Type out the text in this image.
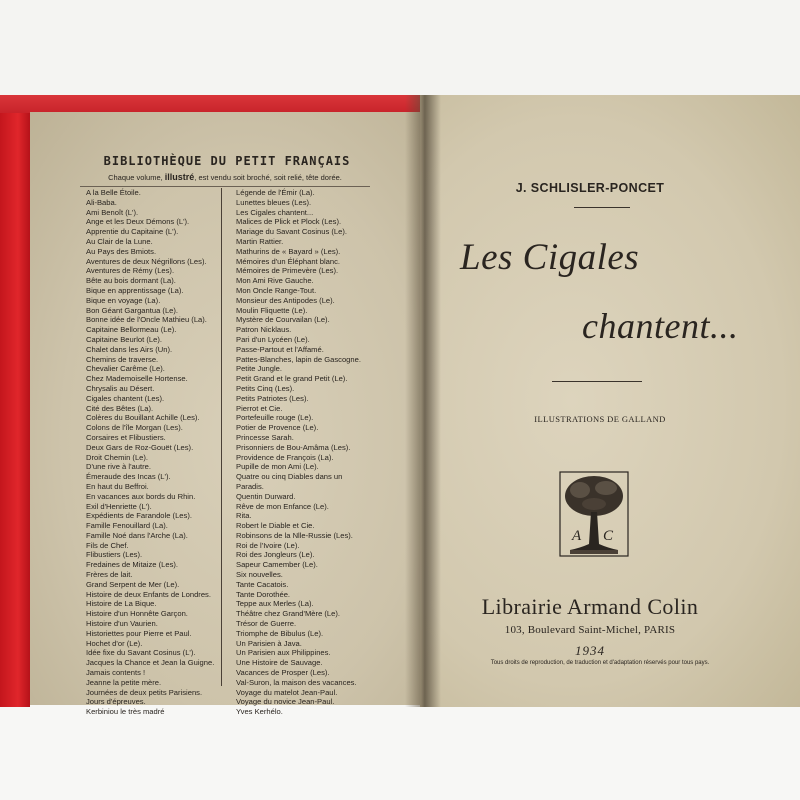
BIBLIOTHÈQUE DU PETIT FRANÇAIS
Chaque volume, illustré, est vendu soit broché, soit relié, tête dorée.
A la Belle Étoile.
Ali-Baba.
Ami Benoît (L').
Ange et les Deux Démons (L').
Apprentie du Capitaine (L').
Au Clair de la Lune.
Au Pays des Bmiots.
Aventures de deux Négrillons (Les).
Aventures de Rémy (Les).
Bête au bois dormant (La).
Bique en apprentissage (La).
Bique en voyage (La).
Bon Géant Gargantua (Le).
Bonne idée de l'Oncle Mathieu (La).
Capitaine Bellormeau (Le).
Capitaine Beurlot (Le).
Chalet dans les Airs (Un).
Chemins de traverse.
Chevalier Carême (Le).
Chez Mademoiselle Hortense.
Chrysalis au Désert.
Cigales chantent (Les).
Cité des Bêtes (La).
Colères du Bouillant Achille (Les).
Colons de l'île Morgan (Les).
Corsaires et Flibustiers.
Deux Gars de Roz-Gouët (Les).
Droit Chemin (Le).
D'une rive à l'autre.
Émeraude des Incas (L').
En haut du Beffroi.
En vacances aux bords du Rhin.
Exil d'Henriette (L').
Expédients de Farandole (Les).
Famille Fenouillard (La).
Famille Noé dans l'Arche (La).
Fils de Chef.
Flibustiers (Les).
Fredaines de Mitaize (Les).
Frères de lait.
Grand Serpent de Mer (Le).
Histoire de deux Enfants de Londres.
Histoire de La Bique.
Histoire d'un Honnête Garçon.
Histoire d'un Vaurien.
Historiettes pour Pierre et Paul.
Hochet d'or (Le).
Idée fixe du Savant Cosinus (L').
Jacques la Chance et Jean la Guigne.
Jamais contents !
Jeanne la petite mère.
Journées de deux petits Parisiens.
Jours d'épreuves.
Kerbiniou le très madré
Légende de l'Émir (La).
Lunettes bleues (Les).
Les Cigales chantent...
Malices de Plick et Plock (Les).
Mariage du Savant Cosinus (Le).
Martin Rattier.
Mathurins de « Bayard » (Les).
Mémoires d'un Éléphant blanc.
Mémoires de Primevère (Les).
Mon Ami Rive Gauche.
Mon Oncle Range-Tout.
Monsieur des Antipodes (Le).
Moulin Fliquette (Le).
Mystère de Courvailan (Le).
Patron Nicklaus.
Pari d'un Lycéen (Le).
Passe-Partout et l'Affamé.
Pattes-Blanches, lapin de Gascogne.
Petite Jungle.
Petit Grand et le grand Petit (Le).
Petits Cinq (Les).
Petits Patriotes (Les).
Pierrot et Cie.
Portefeuille rouge (Le).
Potier de Provence (Le).
Princesse Sarah.
Prisonniers de Bou-Amâma (Les).
Providence de François (La).
Pupille de mon Ami (Le).
Quatre ou cinq Diables dans un
Paradis.
Quentin Durward.
Rêve de mon Enfance (Le).
Rita.
Robert le Diable et Cie.
Robinsons de la Nlle-Russie (Les).
Roi de l'Ivoire (Le).
Roi des Jongleurs (Le).
Sapeur Camember (Le).
Six nouvelles.
Tante Cacatois.
Tante Dorothée.
Teppe aux Merles (La).
Théâtre chez Grand'Mère (Le).
Trésor de Guerre.
Triomphe de Bibulus (Le).
Un Parisien à Java.
Un Parisien aux Philippines.
Une Histoire de Sauvage.
Vacances de Prosper (Les).
Val-Suron, la maison des vacances.
Voyage du matelot Jean-Paul.
Voyage du novice Jean-Paul.
Yves Kerhélo.
J. SCHLISLER-PONCET
Les Cigales
chantent...
ILLUSTRATIONS DE GALLAND
A C
Librairie Armand Colin
103, Boulevard Saint-Michel, PARIS
1934
Tous droits de reproduction, de traduction et d'adaptation réservés pour tous pays.
